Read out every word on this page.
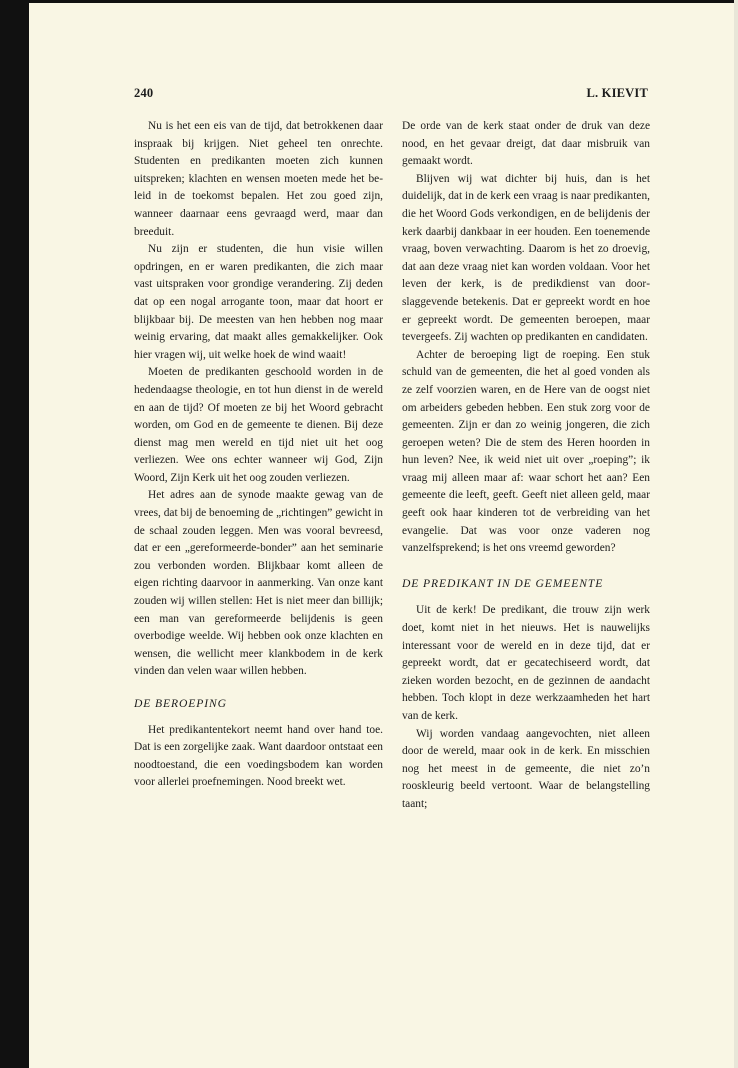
240	L. KIEVIT

Nu is het een eis van de tijd, dat betrokkenen daar inspraak bij krijgen. Niet geheel ten onrechte. Studenten en predikanten moeten zich kunnen uitspreken; klachten en wensen moeten mede het beleid in de toekomst bepalen. Het zou goed zijn, wanneer daarnaar eens gevraagd werd, maar dan breeduit.

Nu zijn er studenten, die hun visie willen opdringen, en er waren predikanten, die zich maar vast uitspraken voor grondige verandering. Zij deden dat op een nogal arrogante toon, maar dat hoort er blijkbaar bij. De meesten van hen hebben nog maar weinig ervaring, dat maakt alles gemakkelijker. Ook hier vragen wij, uit welke hoek de wind waait!

Moeten de predikanten geschoold worden in de hedendaagse theologie, en tot hun dienst in de wereld en aan de tijd? Of moeten ze bij het Woord gebracht worden, om God en de gemeente te dienen. Bij deze dienst mag men wereld en tijd niet uit het oog verliezen. Wee ons echter wanneer wij God, Zijn Woord, Zijn Kerk uit het oog zouden verliezen.

Het adres aan de synode maakte gewag van de vrees, dat bij de benoeming de „richtingen” gewicht in de schaal zouden leggen. Men was vooral bevreesd, dat er een „gereformeerde-bonder” aan het seminarie zou verbonden worden. Blijkbaar komt alleen de eigen richting daarvoor in aanmerking. Van onze kant zouden wij willen stellen: Het is niet meer dan billijk; een man van gereformeerde belijdenis is geen overbodige weelde. Wij hebben ook onze klachten en wensen, die wellicht meer klankbodem in de kerk vinden dan velen waar willen hebben.

DE BEROEPING

Het predikantentekort neemt hand over hand toe. Dat is een zorgelijke zaak. Want daardoor ontstaat een noodtoestand, die een voedingsbodem kan worden voor allerlei proefnemingen. Nood breekt wet.

De orde van de kerk staat onder de druk van deze nood, en het gevaar dreigt, dat daar misbruik van gemaakt wordt.

Blijven wij wat dichter bij huis, dan is het duidelijk, dat in de kerk een vraag is naar predikanten, die het Woord Gods verkondigen, en de belijdenis der kerk daarbij dankbaar in eer houden. Een toenemende vraag, boven verwachting. Daarom is het zo droevig, dat aan deze vraag niet kan worden voldaan. Voor het leven der kerk, is de predikdienst van doorslaggevende betekenis. Dat er gepreekt wordt en hoe er gepreekt wordt. De gemeenten beroepen, maar tevergeefs. Zij wachten op predikanten en candidaten.

Achter de beroeping ligt de roeping. Een stuk schuld van de gemeenten, die het al goed vonden als ze zelf voorzien waren, en de Here van de oogst niet om arbeiders gebeden hebben. Een stuk zorg voor de gemeenten. Zijn er dan zo weinig jongeren, die zich geroepen weten? Die de stem des Heren hoorden in hun leven? Nee, ik weid niet uit over „roeping”; ik vraag mij alleen maar af: waar schort het aan? Een gemeente die leeft, geeft. Geeft niet alleen geld, maar geeft ook haar kinderen tot de verbreiding van het evangelie. Dat was voor onze vaderen nog vanzelfsprekend; is het ons vreemd geworden?

DE PREDIKANT IN DE GEMEENTE

Uit de kerk! De predikant, die trouw zijn werk doet, komt niet in het nieuws. Het is nauwelijks interessant voor de wereld en in deze tijd, dat er gepreekt wordt, dat er gecatechiseerd wordt, dat zieken worden bezocht, en de gezinnen de aandacht hebben. Toch klopt in deze werkzaamheden het hart van de kerk.

Wij worden vandaag aangevochten, niet alleen door de wereld, maar ook in de kerk. En misschien nog het meest in de gemeente, die niet zo’n rooskleurig beeld vertoont. Waar de belangstelling taant;
